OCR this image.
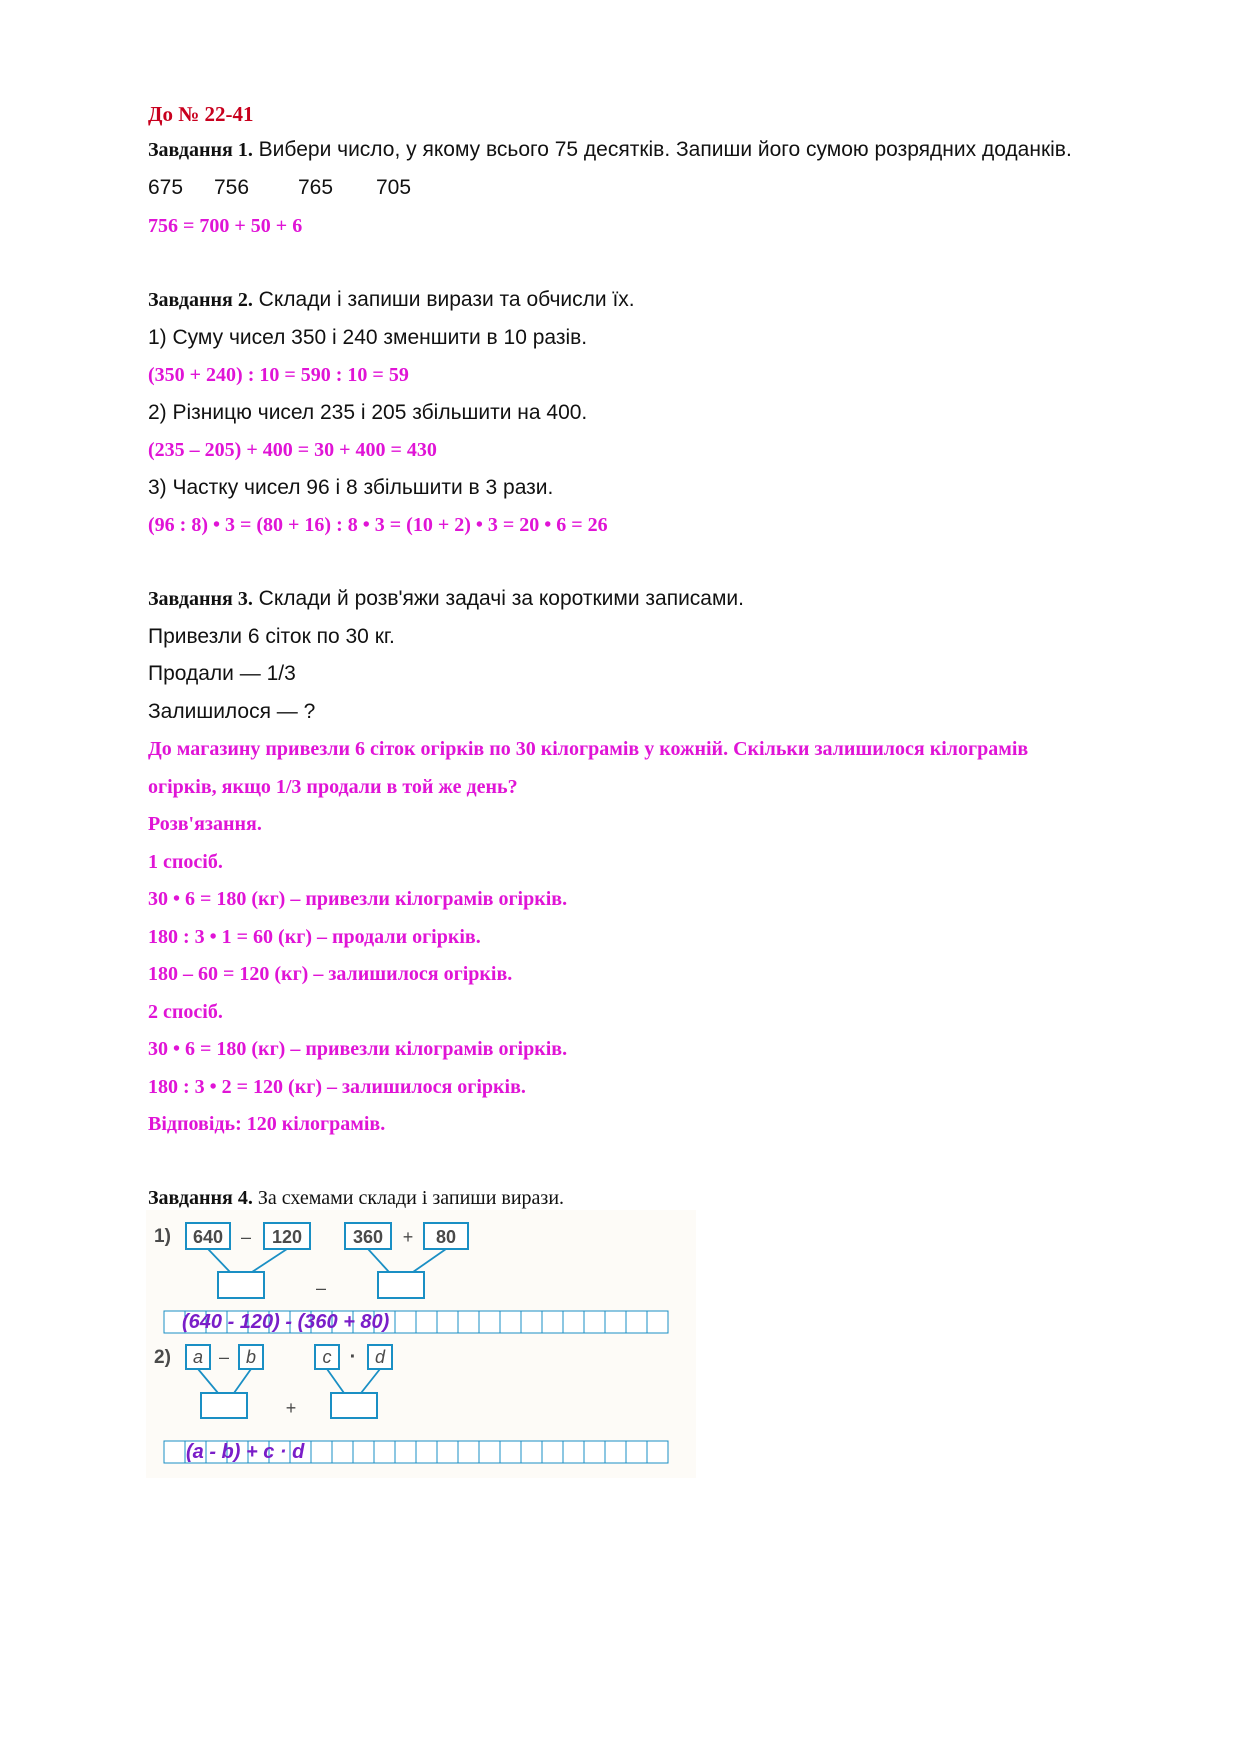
До № 22-41
Завдання 1. Вибери число, у якому всього 75 десятків. Запиши його сумою розрядних доданків.
675 756 765 705
756 = 700 + 50 + 6
Завдання 2. Склади і запиши вирази та обчисли їх.
1) Суму чисел 350 і 240 зменшити в 10 разів.
(350 + 240) : 10 = 590 : 10 = 59
2) Різницю чисел 235 і 205 збільшити на 400.
(235 – 205) + 400 = 30 + 400 = 430
3) Частку чисел 96 і 8 збільшити в 3 рази.
(96 : 8) • 3 = (80 + 16) : 8 • 3 = (10 + 2) • 3 = 20 • 6 = 26
Завдання 3. Склади й розв'яжи задачі за короткими записами.
Привезли 6 сіток по 30 кг.
Продали — 1/3
Залишилося — ?
До магазину привезли 6 сіток огірків по 30 кілограмів у кожній. Скільки залишилося кілограмів
огірків, якщо 1/3 продали в той же день?
Розв'язання.
1 спосіб.
30 • 6 = 180 (кг) – привезли кілограмів огірків.
180 : 3 • 1 = 60 (кг) – продали огірків.
180 – 60 = 120 (кг) – залишилося огірків.
2 спосіб.
30 • 6 = 180 (кг) – привезли кілограмів огірків.
180 : 3 • 2 = 120 (кг) – залишилося огірків.
Відповідь: 120 кілограмів.
Завдання 4. За схемами склади і запиши вирази.
1) 640 – 120	360 + 80
–
(640 - 120) - (360 + 80)
2) a – b	c · d
+
(a - b) + c · d
